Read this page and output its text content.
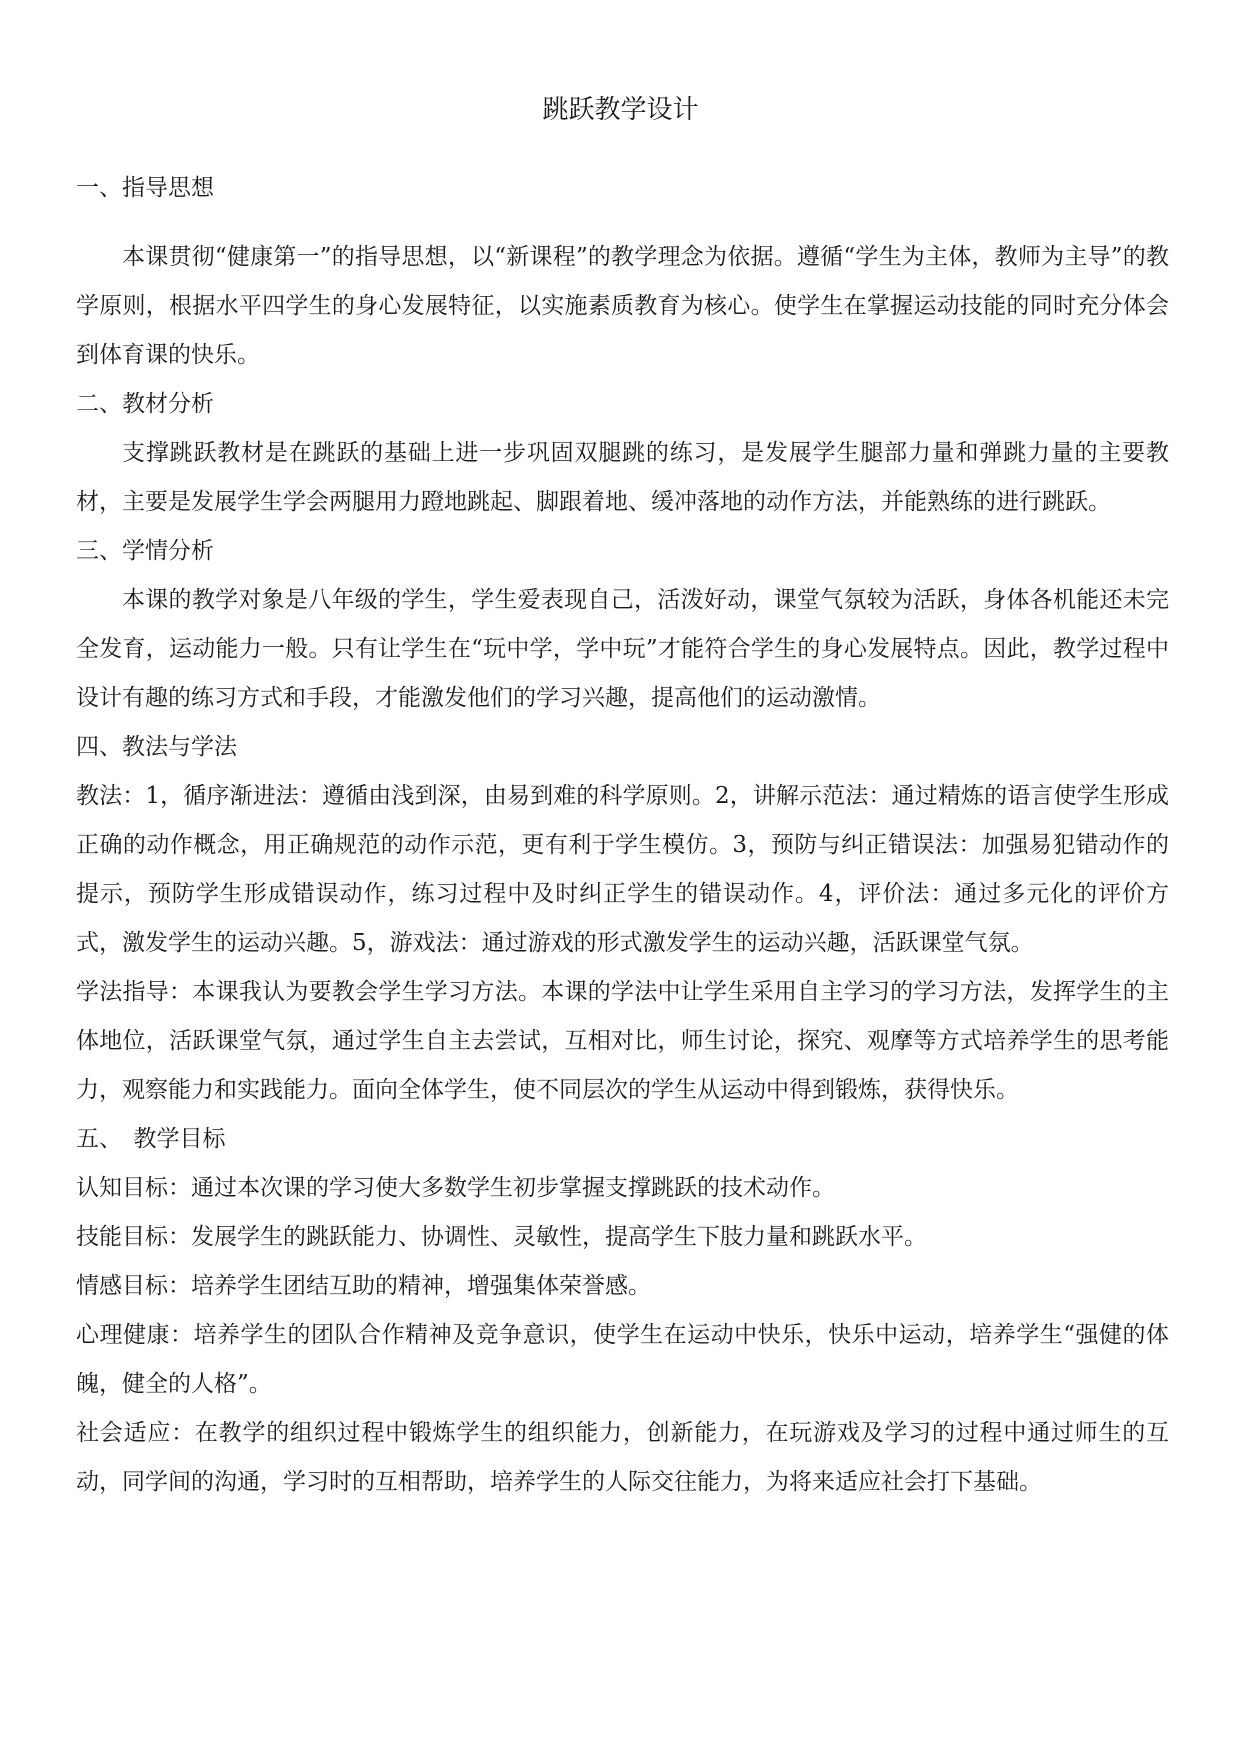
跳跃教学设计

一、指导思想

本课贯彻“健康第一”的指导思想，以“新课程”的教学理念为依据。遵循“学生为主体，教师为主导”的教学原则，根据水平四学生的身心发展特征，以实施素质教育为核心。使学生在掌握运动技能的同时充分体会到体育课的快乐。

二、教材分析

支撑跳跃教材是在跳跃的基础上进一步巩固双腿跳的练习，是发展学生腿部力量和弹跳力量的主要教材，主要是发展学生学会两腿用力蹬地跳起、脚跟着地、缓冲落地的动作方法，并能熟练的进行跳跃。

三、学情分析

本课的教学对象是八年级的学生，学生爱表现自己，活泼好动，课堂气氛较为活跃，身体各机能还未完全发育，运动能力一般。只有让学生在“玩中学，学中玩”才能符合学生的身心发展特点。因此，教学过程中设计有趣的练习方式和手段，才能激发他们的学习兴趣，提高他们的运动激情。

四、教法与学法

教法：1，循序渐进法：遵循由浅到深，由易到难的科学原则。2，讲解示范法：通过精炼的语言使学生形成正确的动作概念，用正确规范的动作示范，更有利于学生模仿。3，预防与纠正错误法：加强易犯错动作的提示，预防学生形成错误动作，练习过程中及时纠正学生的错误动作。4，评价法：通过多元化的评价方式，激发学生的运动兴趣。5，游戏法：通过游戏的形式激发学生的运动兴趣，活跃课堂气氛。

学法指导：本课我认为要教会学生学习方法。本课的学法中让学生采用自主学习的学习方法，发挥学生的主体地位，活跃课堂气氛，通过学生自主去尝试，互相对比，师生讨论，探究、观摩等方式培养学生的思考能力，观察能力和实践能力。面向全体学生，使不同层次的学生从运动中得到锻炼，获得快乐。

五、　教学目标

认知目标：通过本次课的学习使大多数学生初步掌握支撑跳跃的技术动作。

技能目标：发展学生的跳跃能力、协调性、灵敏性，提高学生下肢力量和跳跃水平。

情感目标：培养学生团结互助的精神，增强集体荣誉感。

心理健康：培养学生的团队合作精神及竞争意识，使学生在运动中快乐，快乐中运动，培养学生“强健的体魄，健全的人格”。

社会适应：在教学的组织过程中锻炼学生的组织能力，创新能力，在玩游戏及学习的过程中通过师生的互动，同学间的沟通，学习时的互相帮助，培养学生的人际交往能力，为将来适应社会打下基础。
